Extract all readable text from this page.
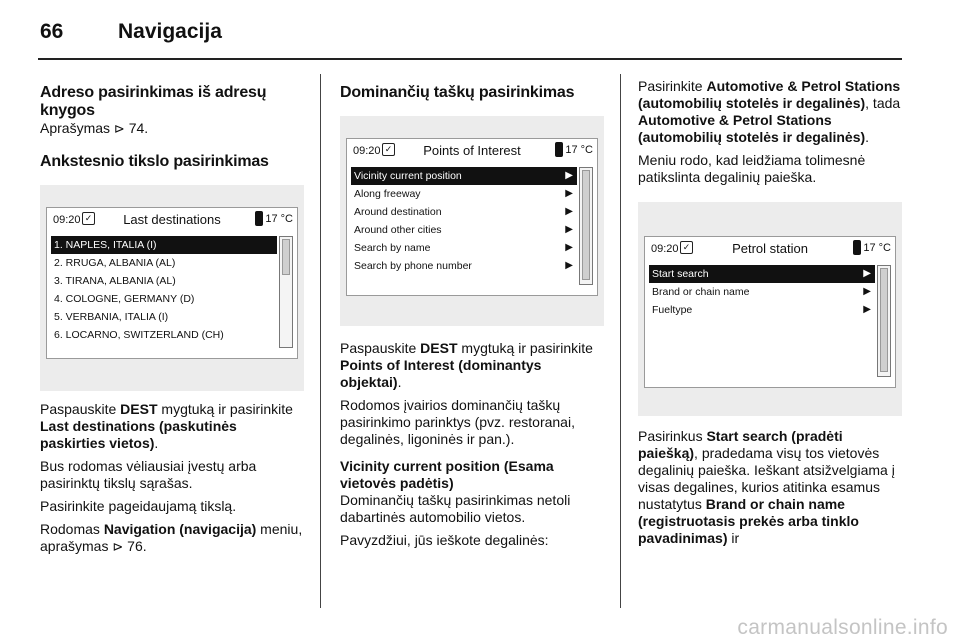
66	Navigacija
Adreso pasirinkimas iš adresų knygos

Aprašymas ⊳ 74.

Ankstesnio tikslo pasirinkimas
09:20 ✓	Last destinations	17 °C
1. NAPLES, ITALIA (I)
2. RRUGA, ALBANIA (AL)
3. TIRANA, ALBANIA (AL)
4. COLOGNE, GERMANY (D)
5. VERBANIA, ITALIA (I)
6. LOCARNO, SWITZERLAND (CH)

Paspauskite DEST mygtuką ir pasirinkite Last destinations (paskutinės paskirties vietos).

Bus rodomas vėliausiai įvestų arba pasirinktų tikslų sąrašas.

Pasirinkite pageidaujamą tikslą.

Rodomas Navigation (navigacija) meniu, aprašymas ⊳ 76.

Dominančių taškų pasirinkimas
09:20 ✓	Points of Interest	17 °C
Vicinity current position	▶
Along freeway	▶
Around destination	▶
Around other cities	▶
Search by name	▶
Search by phone number	▶

Paspauskite DEST mygtuką ir pasirinkite Points of Interest (dominantys objektai).

Rodomos įvairios dominančių taškų pasirinkimo parinktys (pvz. restoranai, degalinės, ligoninės ir pan.).

Vicinity current position (Esama vietovės padėtis)

Dominančių taškų pasirinkimas netoli dabartinės automobilio vietos.

Pavyzdžiui, jūs ieškote degalinės:

Pasirinkite Automotive & Petrol Stations (automobilių stotelės ir degalinės), tada Automotive & Petrol Stations (automobilių stotelės ir degalinės).

Meniu rodo, kad leidžiama tolimesnė patikslinta degalinių paieška.

09:20 ✓	Petrol station	17 °C
Start search	▶
Brand or chain name	▶
Fueltype	▶

Pasirinkus Start search (pradėti paiešką), pradedama visų tos vietovės degalinių paieška. Ieškant atsižvelgiama į visas degalines, kurios atitinka esamus nustatytus Brand or chain name (registruotasis prekės arba tinklo pavadinimas) ir

carmanualsonline.info
